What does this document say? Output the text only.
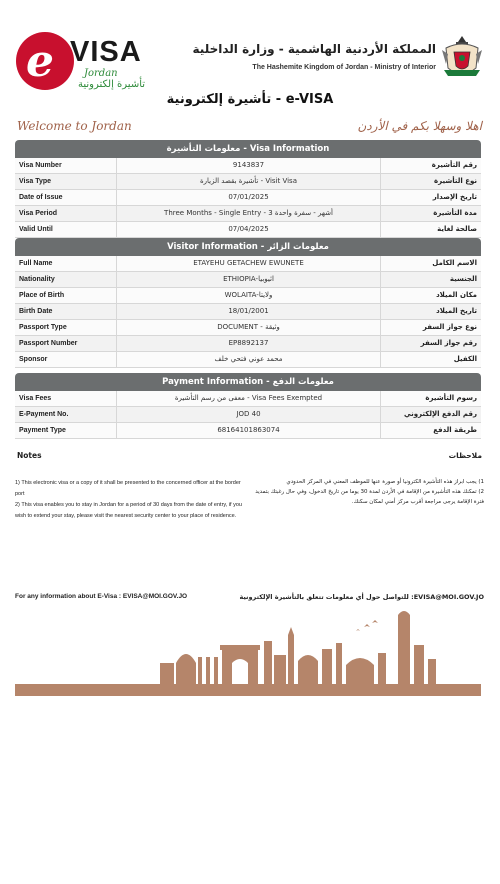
e VISA
Jordan
تأشيرة إلكترونية
المملكة الأردنية الهاشمية - وزارة الداخلية
The Hashemite Kingdom of Jordan - Ministry of Interior
تأشيرة إلكترونية - e-VISA
Welcome to Jordan	اهلا وسهلا بكم في الأردن
معلومات التأشيرة - Visa Information
Visa Number	9143837	رقم التأشيرة
Visa Type	تأشيرة بقصد الزيارة - Visit Visa	نوع التأشيرة
Date of Issue	07/01/2025	تاريخ الإصدار
Visa Period	Three Months - Single Entry - 3 أشهر - سفرة واحدة	مدة التأشيرة
Valid Until	07/04/2025	صالحة لغاية
Visitor Information - معلومات الزائر
Full Name	ETAYEHU GETACHEW EWUNETE	الاسم الكامل
Nationality	ETHIOPIA-اثيوبيا	الجنسية
Place of Birth	WOLAITA-ولايتا	مكان الميلاد
Birth Date	18/01/2001	تاريخ الميلاد
Passport Type	DOCUMENT - وثيقة	نوع جواز السفر
Passport Number	EP8892137	رقم جواز السفر
Sponsor	محمد عوني فتحي خلف	الكفيل
Payment Information - معلومات الدفع
Visa Fees	معفى من رسم التأشيرة - Visa Fees Exempted	رسوم التأشيرة
E-Payment No.	JOD 40	رقم الدفع الإلكتروني
Payment Type	68164101863074	طريقة الدفع
Notes	ملاحظات
1) This electronic visa or a copy of it shall be presented to the concerned officer at the border port
2) This visa enables you to stay in Jordan for a period of 30 days from the date of entry, if you wish to extend your stay, please visit the nearest security center to your place of residence.
1) يجب ابراز هذه التأشيرة الكترونيا أو صورة عنها للموظف المعني في المركز الحدودي
2) تمكنك هذه التأشيرة من الإقامة في الأردن لمدة 30 يوما من تاريخ الدخول، وفي حال رغبتك بتمديد فترة الإقامة يرجى مراجعة أقرب مركز أمني لمكان سكنك.
For any information about E-Visa : EVISA@MOI.GOV.JO	للتواصل حول أي معلومات تتعلق بالتأشيرة الإلكترونية :EVISA@MOI.GOV.JO
